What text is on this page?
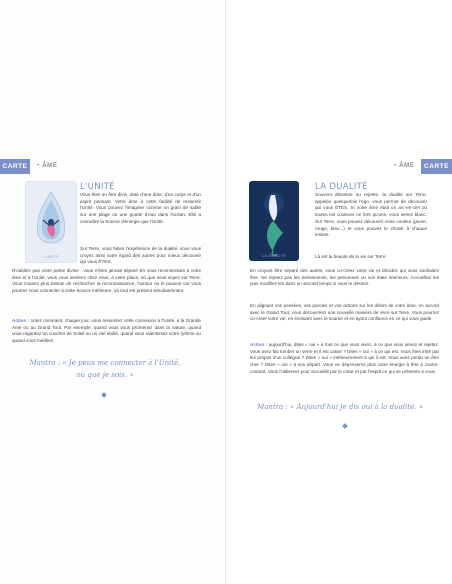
CARTE 2
• ÂME
L'UNITÉ
L'UNITÉ

Vous êtes un être divin, doté d'une âme, d'un corps et d'un esprit pensant. Votre âme a cette facilité de ressentir l'Unité. Vous pouvez l'imaginer comme un grain de sable sur une plage ou une goutte d'eau dans l'océan. Elle a connaître la Source d'énergie que l'Unité.

Sur Terre, vous faites l'expérience de la dualité, vous vous croyez ainsi votre égard des autres pour mieux découvrir qui vous ÊTES.

N'oubliez pas votre partie divine : vous n'êtes jamais séparé En vous reconnectant à votre âme et à l'Unité, vous vous sentirez chez vous, à votre place, où que vous soyez sur Terre. Vous n'aurez plus besoin de rechercher la reconnaissance, l'amour ou le pouvoir car vous pourrez vous connecter à cette Source intérieure, où tout est présent simultanément.

Action : notez comment, chaque jour, vous ressentez cette connexion à l'Unité, à la Grande Âme ou au Grand Tout. Par exemple, quand vous vous promenez dans la nature, quand vous regardez un coucher de Soleil ou un ciel étoilé, quand vous ralentissez votre rythme ou quand vous méditez.

Mantra : « Je peux me connecter à l'Unité,
où que je sois. »
• ÂME	CARTE 3
LA DUALITÉ
LA DUALITÉ

Souvent détestée ou rejetée, la dualité sur Terre, appelée quelquefois l'ego, vous permet de découvrir qui vous ÊTES. Si votre âme était un arc-en-ciel où toutes les couleurs ne font qu'une, vous seriez blanc. Sur Terre, vous pouvez découvrir votre couleur (jaune, rouge, bleu...) et vous pouvez le choisir à chaque instant.

Là est la beauté de la vie sur Terre.

En croyant être séparé des autres, vous co-créez votre vie et décidez qui vous souhaitez être. Ne rejetez pas les événements, les personnes ou vos états intérieurs. Accueillez les puis modifiez-les dans un second temps si vous le désirez.

En alignant vos pensées, vos paroles et vos actions sur les désirs de votre âme, en accord avec le Grand Tout, vous découvrirez une nouvelle manière de vivre sur Terre. Vous pourrez co-créer votre vie, en évoluant avec le sourire et en ayant confiance en ce qui vous guide.

Action : aujourd'hui, dites « oui » à tout ce que vous vivez, à ce que vous aimez et rejetez. Vous avez fait tomber un verre et il est cassé ? Dites « oui » à ce qui est. Vous êtes irrité par les propos d'un collègue ? Dites « oui » intérieurement à qui il est. Vous avez perdu un être cher ? Dites « oui » à son départ. Vous ne dépenserez plus votre énergie à être à contre-courant. Vous l'utiliserez pour accueillir par le cœur et par l'esprit ce qui se présente à vous.

Mantra : « Aujourd'hui je dis oui à la dualité. »
